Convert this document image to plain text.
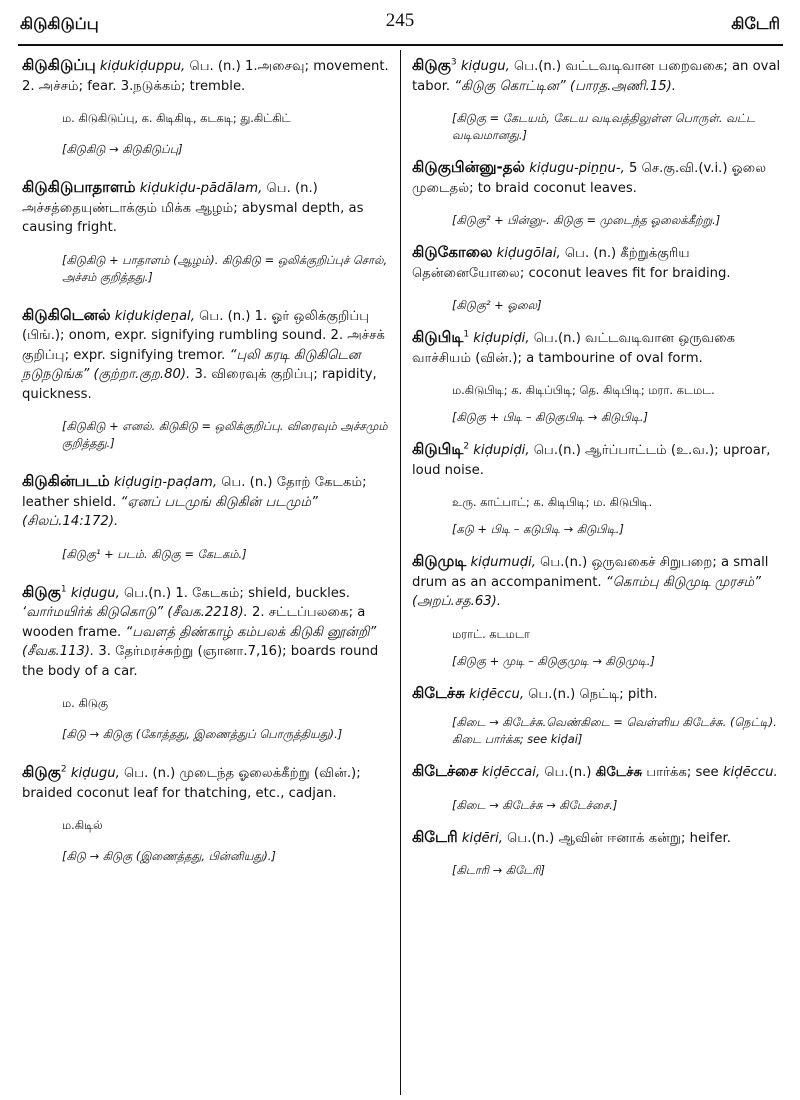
கிடுகிடுப்பு	245	கிடேரி
கிடுகிடுப்பு kiḍukiḍuppu, பெ. (n.) 1.அசைவு; movement. 2. அச்சம்; fear. 3.நடுக்கம்; tremble.
ம. கிடுகிடுப்பு, க. கிடிகிடி, கடகடி; து.கிட்கிட்
[கிடுகிடு → கிடுகிடுப்பு]
கிடுகிடுபாதாளம் kiḍukiḍu-pādālam, பெ. (n.) அச்சத்தையுண்டாக்கும் மிக்க ஆழம்; abysmal depth, as causing fright.
[கிடுகிடு + பாதாளம் (ஆழம்). கிடுகிடு = ஒலிக்குறிப்புச் சொல், அச்சம் குறித்தது.]
கிடுகிடெனல் kiḍukiḍeṉal, பெ. (n.) 1. ஓர் ஒலிக்குறிப்பு (பிங்.); onom, expr. signifying rumbling sound. 2. அச்சக் குறிப்பு; expr. signifying tremor. “புலி கரடி கிடுகிடென நடுநடுங்க” (குற்றா.குற.80). 3. விரைவுக் குறிப்பு; rapidity, quickness.
[கிடுகிடு + எனல். கிடுகிடு = ஒலிக்குறிப்பு. விரைவும் அச்சமும் குறித்தது.]
கிடுகின்படம் kiḍugiṉ-paḍam, பெ. (n.) தோற் கேடகம்; leather shield. “ஏனப் படமுங் கிடுகின் படமும்” (சிலப்.14:172).
[கிடுகு¹ + படம். கிடுகு = கேடகம்.]
கிடுகு$^1$ kiḍugu, பெ.(n.) 1. கேடகம்; shield, buckles. ‘வார்மயிர்க் கிடுகொடு” (சீவக.2218). 2. சட்டப்பலகை; a wooden frame. “பவளத் திண்காழ் கம்பலக் கிடுகி னூன்றி” (சீவக.113). 3. தேர்மரச்சுற்று (ஞானா.7,16); boards round the body of a car.
ம. கிடுகு
[கிடு → கிடுகு (கோத்தது, இணைத்துப் பொருத்தியது).]
கிடுகு$^2$ kiḍugu, பெ. (n.) முடைந்த ஓலைக்கீற்று (வின்.); braided coconut leaf for thatching, etc., cadjan.
ம.கிடில்
[கிடு → கிடுகு (இணைத்தது, பின்னியது).]
கிடுகு$^3$ kiḍugu, பெ.(n.) வட்டவடிவான பறைவகை; an oval tabor. “கிடுகு கொட்டின” (பாரத.அணி.15).
[கிடுகு = கேடயம், கேடய வடிவத்திலுள்ள பொருள். வட்ட வடிவமானது.]
கிடுகுபின்னு-தல் kiḍugu-piṉṉu-, 5 செ.கு.வி.(v.i.) ஓலை முடைதல்; to braid coconut leaves.
[கிடுகு² + பின்னு-. கிடுகு = முடைந்த ஓலைக்கீற்று.]
கிடுகோலை kiḍugōlai, பெ. (n.) கீற்றுக்குரிய தென்னையோலை; coconut leaves fit for braiding.
[கிடுகு² + ஓலை]
கிடுபிடி$^1$ kiḍupiḍi, பெ.(n.) வட்டவடிவான ஒருவகை வாச்சியம் (வின்.); a tambourine of oval form.
ம.கிடுபிடி; க. கிடிப்பிடி; தெ. கிடிபிடி; மரா. கடமட.
[கிடுகு + பிடி – கிடுகுபிடி → கிடுபிடி.]
கிடுபிடி$^2$ kiḍupiḍi, பெ.(n.) ஆர்ப்பாட்டம் (உ.வ.); uproar, loud noise.
உரு. காட்பாட்; க. கிடிபிடி; ம. கிடுபிடி.
[கடு + பிடி – கடுபிடி → கிடுபிடி.]
கிடுமுடி kiḍumuḍi, பெ.(n.) ஒருவகைச் சிறுபறை; a small drum as an accompaniment. “கொம்பு கிடுமுடி முரசம்” (அறப்.சத.63).
மராட். கடமடா
[கிடுகு + முடி – கிடுகுமுடி → கிடுமுடி.]
கிடேச்சு kiḍēccu, பெ.(n.) நெட்டி; pith.
[கிடை → கிடேச்சு.வெண்கிடை = வெள்ளிய கிடேச்சு. (நெட்டி). கிடை பார்க்க; see kiḍai]
கிடேச்சை kiḍēccai, பெ.(n.) கிடேச்சு பார்க்க; see kiḍēccu.
[கிடை → கிடேச்சு → கிடேச்சை.]
கிடேரி kiḍēri, பெ.(n.) ஆவின் ஈனாக் கன்று; heifer.
[கிடாரி → கிடேரி]
